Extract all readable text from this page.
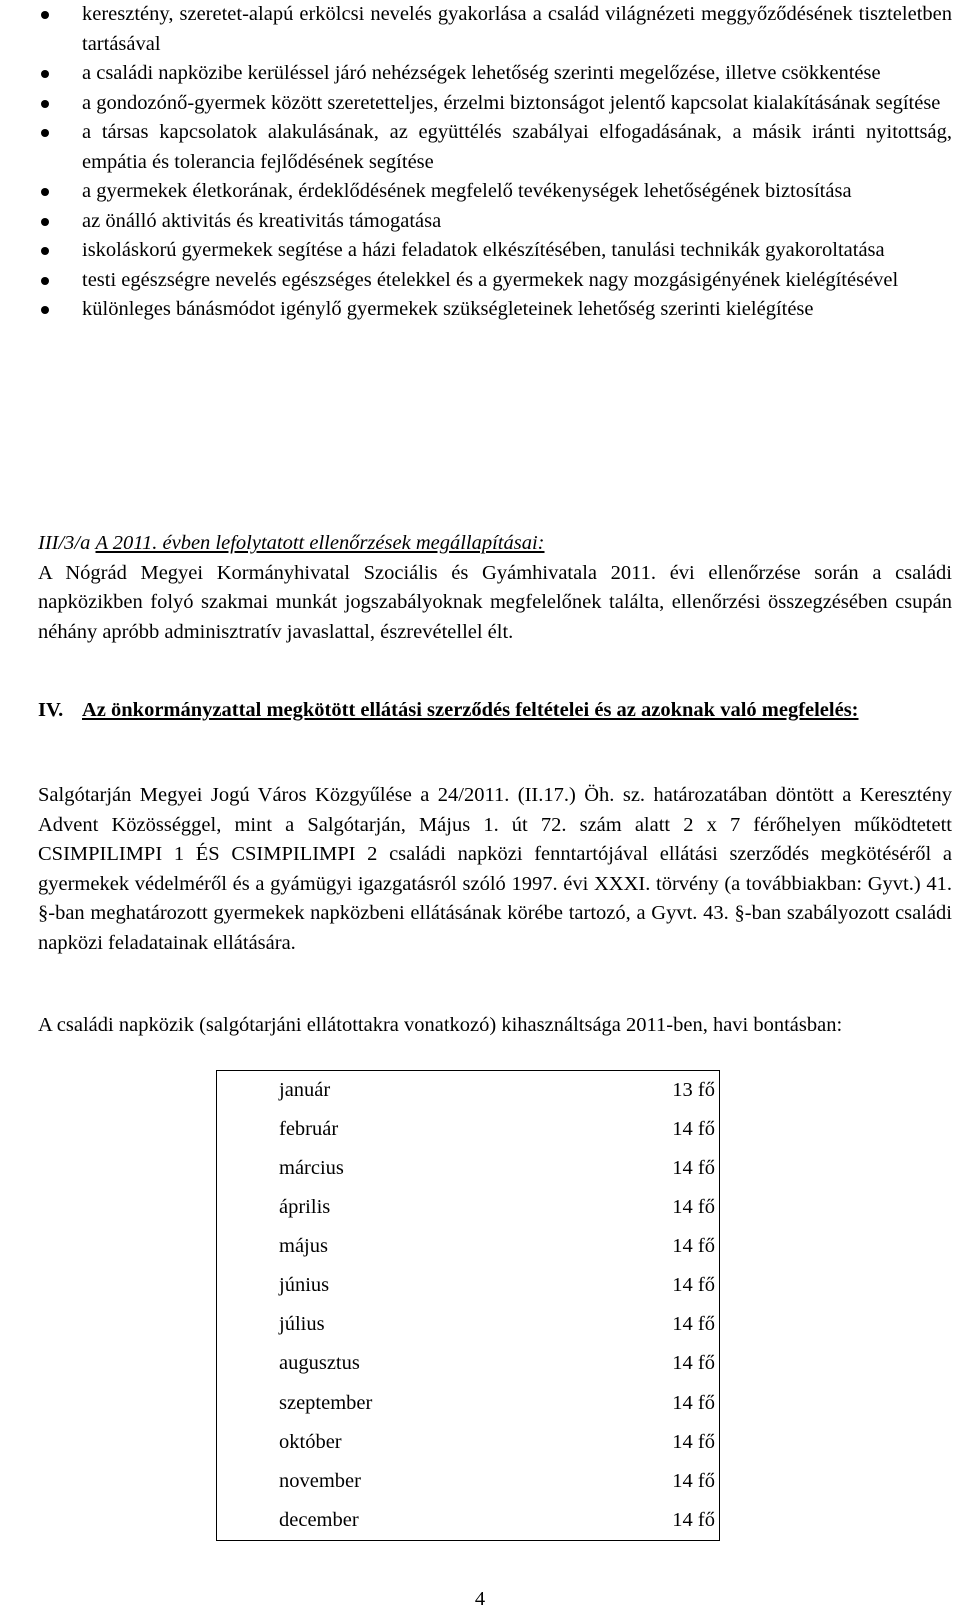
keresztény, szeretet-alapú erkölcsi nevelés gyakorlása a család világnézeti meggyőződésének tiszteletben tartásával
a családi napközibe kerüléssel járó nehézségek lehetőség szerinti megelőzése, illetve csökkentése
a gondozónő-gyermek között szeretetteljes, érzelmi biztonságot jelentő kapcsolat kialakításának segítése
a társas kapcsolatok alakulásának, az együttélés szabályai elfogadásának, a másik iránti nyitottság, empátia és tolerancia fejlődésének segítése
a gyermekek életkorának, érdeklődésének megfelelő tevékenységek lehetőségének biztosítása
az önálló aktivitás és kreativitás támogatása
iskoláskorú gyermekek segítése a házi feladatok elkészítésében, tanulási technikák gyakoroltatása
testi egészségre nevelés egészséges ételekkel és a gyermekek nagy mozgásigényének kielégítésével
különleges bánásmódot igénylő gyermekek szükségleteinek lehetőség szerinti kielégítése
III/3/a A 2011. évben lefolytatott ellenőrzések megállapításai:
A Nógrád Megyei Kormányhivatal Szociális és Gyámhivatala 2011. évi ellenőrzése során a családi napközikben folyó szakmai munkát jogszabályoknak megfelelőnek találta, ellenőrzési összegzésében csupán néhány apróbb adminisztratív javaslattal, észrevétellel élt.
IV. Az önkormányzattal megkötött ellátási szerződés feltételei és az azoknak való megfelelés:

Salgótarján Megyei Jogú Város Közgyűlése a 24/2011. (II.17.) Öh. sz. határozatában döntött a Keresztény Advent Közösséggel, mint a Salgótarján, Május 1. út 72. szám alatt 2 x 7 férőhelyen működtetett CSIMPILIMPI 1 ÉS CSIMPILIMPI 2 családi napközi fenntartójával ellátási szerződés megkötéséről a gyermekek védelméről és a gyámügyi igazgatásról szóló 1997. évi XXXI. törvény (a továbbiakban: Gyvt.) 41. §-ban meghatározott gyermekek napközbeni ellátásának körébe tartozó, a Gyvt. 43. §-ban szabályozott családi napközi feladatainak ellátására.

A családi napközik (salgótarjáni ellátottakra vonatkozó) kihasználtsága 2011-ben, havi bontásban:

január	13 fő
február	14 fő
március	14 fő
április	14 fő
május	14 fő
június	14 fő
július	14 fő
augusztus	14 fő
szeptember	14 fő
október	14 fő
november	14 fő
december	14 fő
4
